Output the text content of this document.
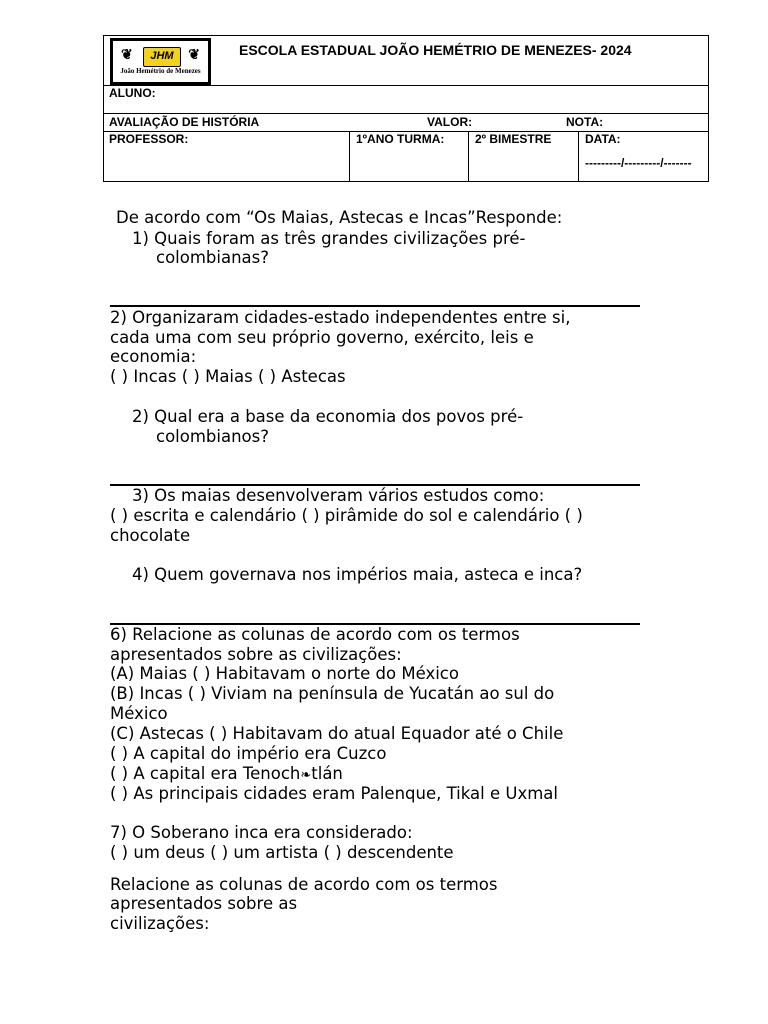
❦	❦
JHM
João Hemétrio de Menezes
ESCOLA ESTADUAL JOÃO HEMÉTRIO DE MENEZES- 2024
ALUNO:
AVALIAÇÃO DE HISTÓRIA	VALOR:	NOTA:
PROFESSOR:	1ºANO TURMA:	2º BIMESTRE	DATA:
---------/---------/-------
De acordo com “Os Maias, Astecas e Incas”Responde:
1) Quais foram as três grandes civilizações pré-
colombianas?
2) Organizaram cidades-estado independentes entre si,
cada uma com seu próprio governo, exército, leis e
economia:
( ) Incas ( ) Maias ( ) Astecas
2) Qual era a base da economia dos povos pré-
colombianos?
3) Os maias desenvolveram vários estudos como:
( ) escrita e calendário ( ) pirâmide do sol e calendário ( )
chocolate
4) Quem governava nos impérios maia, asteca e inca?
6) Relacione as colunas de acordo com os termos
apresentados sobre as civilizações:
(A) Maias ( ) Habitavam o norte do México
(B) Incas ( ) Viviam na península de Yucatán ao sul do
México
(C) Astecas ( ) Habitavam do atual Equador até o Chile
( ) A capital do império era Cuzco
( ) A capital era Tenoch❧tlán
( ) As principais cidades eram Palenque, Tikal e Uxmal
7) O Soberano inca era considerado:
( ) um deus ( ) um artista ( ) descendente
Relacione as colunas de acordo com os termos
apresentados sobre as
civilizações:
